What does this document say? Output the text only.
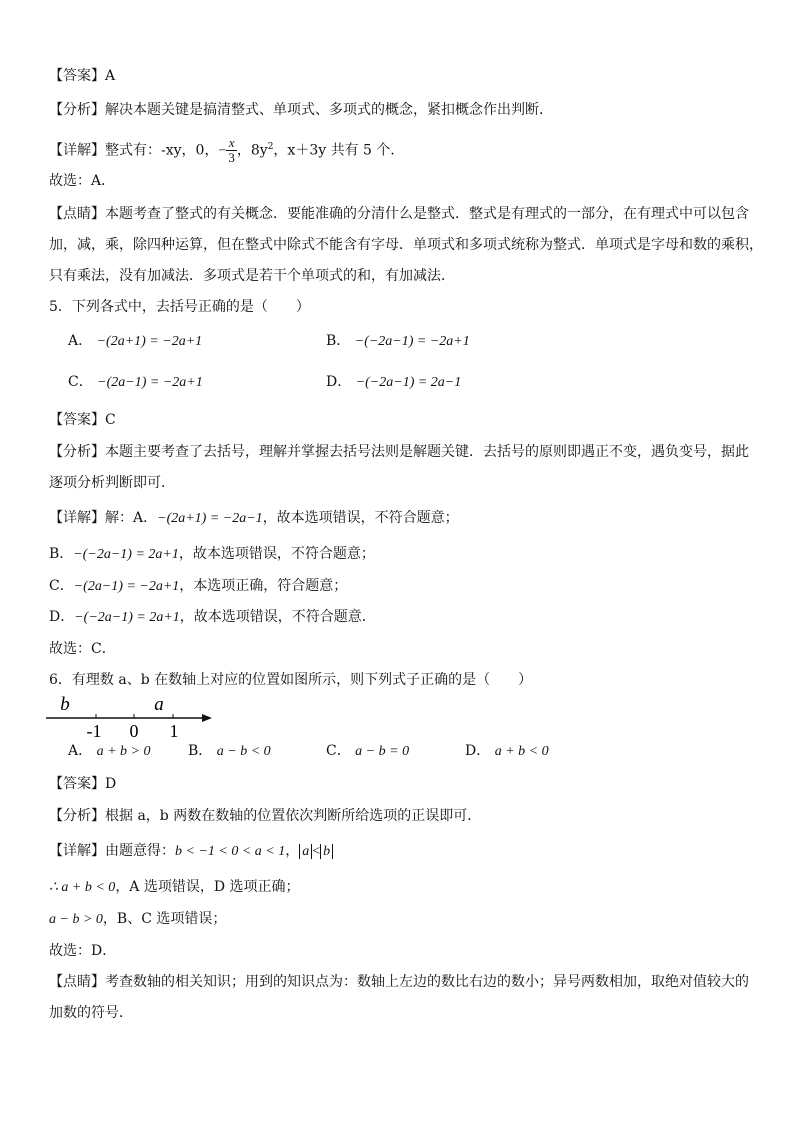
【答案】A
【分析】解决本题关键是搞清整式、单项式、多项式的概念，紧扣概念作出判断．
【详解】整式有：-xy，0，− $\frac{x}{3}$ ，$8y^2$，x＋3y 共有 5 个．
故选：A．
【点睛】本题考查了整式的有关概念．要能准确的分清什么是整式．整式是有理式的一部分，在有理式中可以包含
加，减，乘，除四种运算，但在整式中除式不能含有字母．单项式和多项式统称为整式．单项式是字母和数的乘积，
只有乘法，没有加减法．多项式是若干个单项式的和，有加减法．
5．下列各式中，去括号正确的是（　　）
A． −(2a+1) = −2a+1	B． −(−2a−1) = −2a+1
C． −(2a−1) = −2a+1	D． −(−2a−1) = 2a−1
【答案】C
【分析】本题主要考查了去括号，理解并掌握去括号法则是解题关键．去括号的原则即遇正不变，遇负变号，据此
逐项分析判断即可．
【详解】解：A．−(2a+1) = −2a−1，故本选项错误，不符合题意；
B．−(−2a−1) = 2a+1，故本选项错误，不符合题意；
C．−(2a−1) = −2a+1，本选项正确，符合题意；
D．−(−2a−1) = 2a+1，故本选项错误，不符合题意．
故选：C．
6．有理数 a、b 在数轴上对应的位置如图所示，则下列式子正确的是（　　）
b	a
-1 0 1
A． a + b > 0	B． a − b < 0	C． a − b = 0	D． a + b < 0
【答案】D
【分析】根据 a，b 两数在数轴的位置依次判断所给选项的正误即可．
【详解】由题意得：b < −1 < 0 < a < 1， a < b
∴ a + b < 0，A 选项错误，D 选项正确；
a − b > 0，B、C 选项错误；
故选：D．
【点睛】考查数轴的相关知识；用到的知识点为：数轴上左边的数比右边的数小；异号两数相加，取绝对值较大的
加数的符号．
